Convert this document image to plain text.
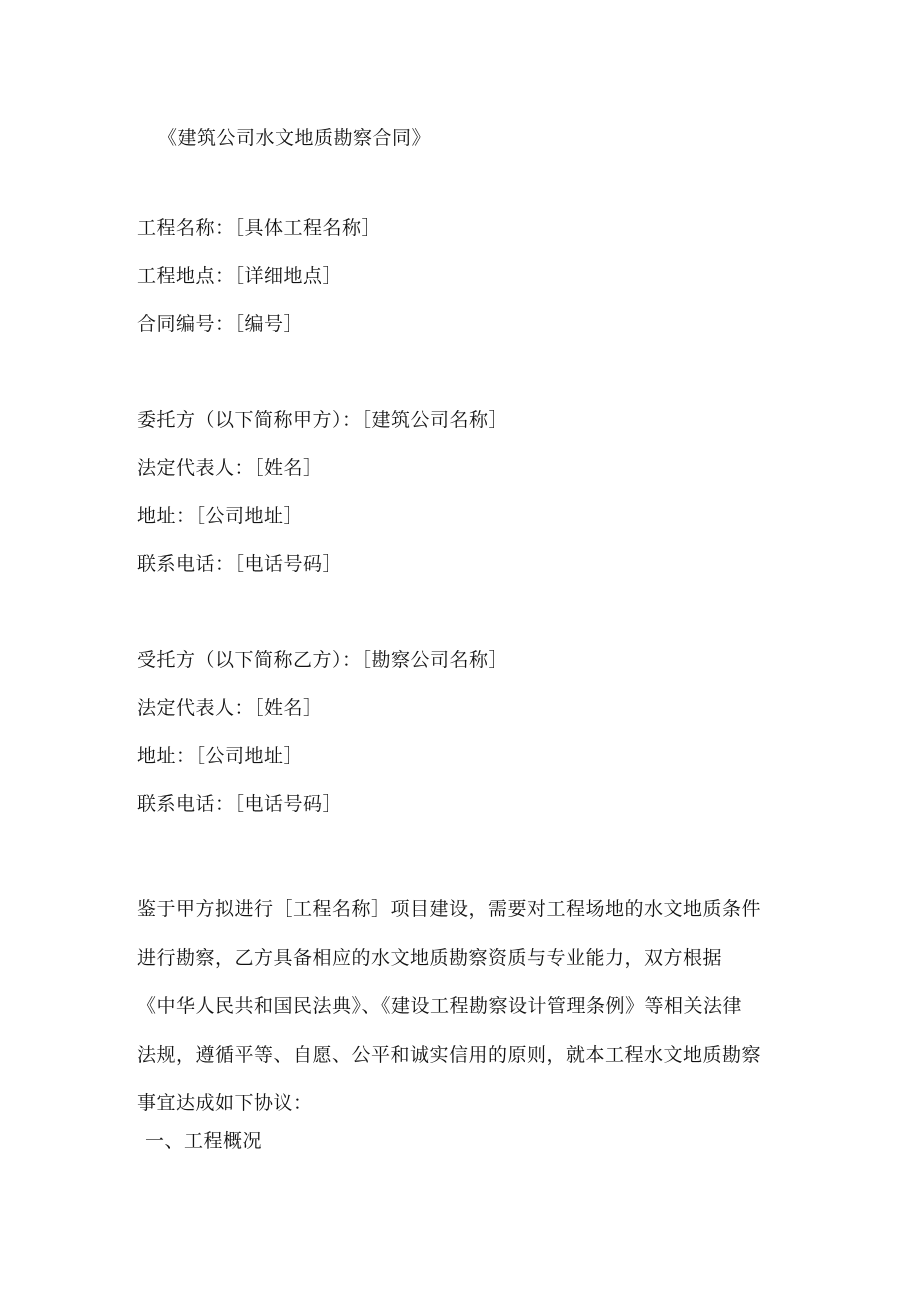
《建筑公司水文地质勘察合同》
工程名称：［具体工程名称］
工程地点：［详细地点］
合同编号：［编号］
委托方（以下简称甲方）：［建筑公司名称］
法定代表人：［姓名］
地址：［公司地址］
联系电话：［电话号码］
受托方（以下简称乙方）：［勘察公司名称］
法定代表人：［姓名］
地址：［公司地址］
联系电话：［电话号码］
鉴于甲方拟进行［工程名称］项目建设，需要对工程场地的水文地质条件
进行勘察，乙方具备相应的水文地质勘察资质与专业能力，双方根据
《中华人民共和国民法典》、《建设工程勘察设计管理条例》等相关法律
法规，遵循平等、自愿、公平和诚实信用的原则，就本工程水文地质勘察
事宜达成如下协议：
一、工程概况
